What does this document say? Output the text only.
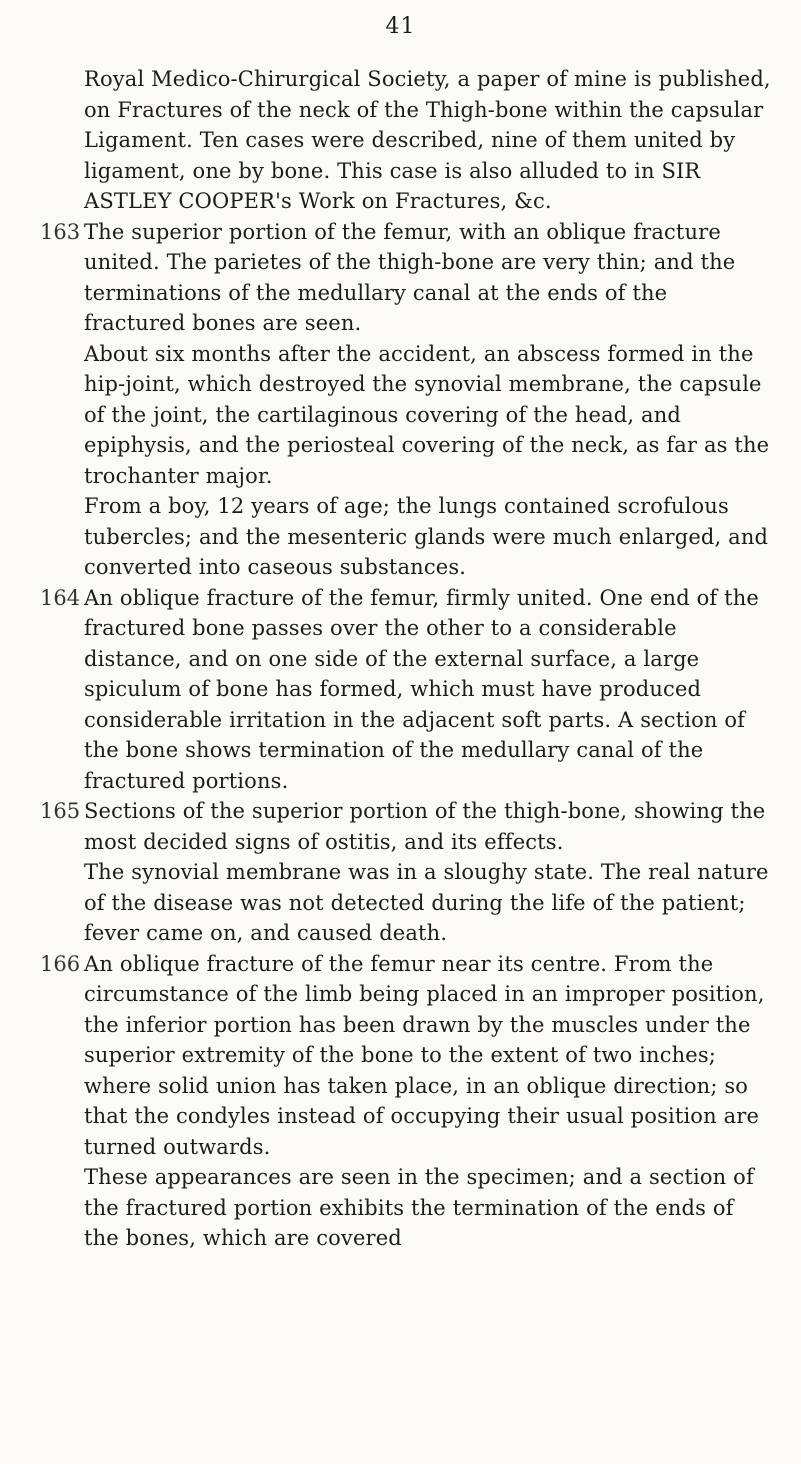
41
Royal Medico-Chirurgical Society, a paper of mine is published, on Fractures of the neck of the Thigh-bone within the capsular Ligament. Ten cases were described, nine of them united by ligament, one by bone. This case is also alluded to in SIR ASTLEY COOPER's Work on Fractures, &c.
163 The superior portion of the femur, with an oblique fracture united. The parietes of the thigh-bone are very thin; and the terminations of the medullary canal at the ends of the fractured bones are seen.
About six months after the accident, an abscess formed in the hip-joint, which destroyed the synovial membrane, the capsule of the joint, the cartilaginous covering of the head, and epiphysis, and the periosteal covering of the neck, as far as the trochanter major.
From a boy, 12 years of age; the lungs contained scrofulous tubercles; and the mesenteric glands were much enlarged, and converted into caseous substances.
164 An oblique fracture of the femur, firmly united. One end of the fractured bone passes over the other to a considerable distance, and on one side of the external surface, a large spiculum of bone has formed, which must have produced considerable irritation in the adjacent soft parts. A section of the bone shows termination of the medullary canal of the fractured portions.
165 Sections of the superior portion of the thigh-bone, showing the most decided signs of ostitis, and its effects.
The synovial membrane was in a sloughy state. The real nature of the disease was not detected during the life of the patient; fever came on, and caused death.
166 An oblique fracture of the femur near its centre. From the circumstance of the limb being placed in an improper position, the inferior portion has been drawn by the muscles under the superior extremity of the bone to the extent of two inches; where solid union has taken place, in an oblique direction; so that the condyles instead of occupying their usual position are turned outwards.
These appearances are seen in the specimen; and a section of the fractured portion exhibits the termination of the ends of the bones, which are covered
